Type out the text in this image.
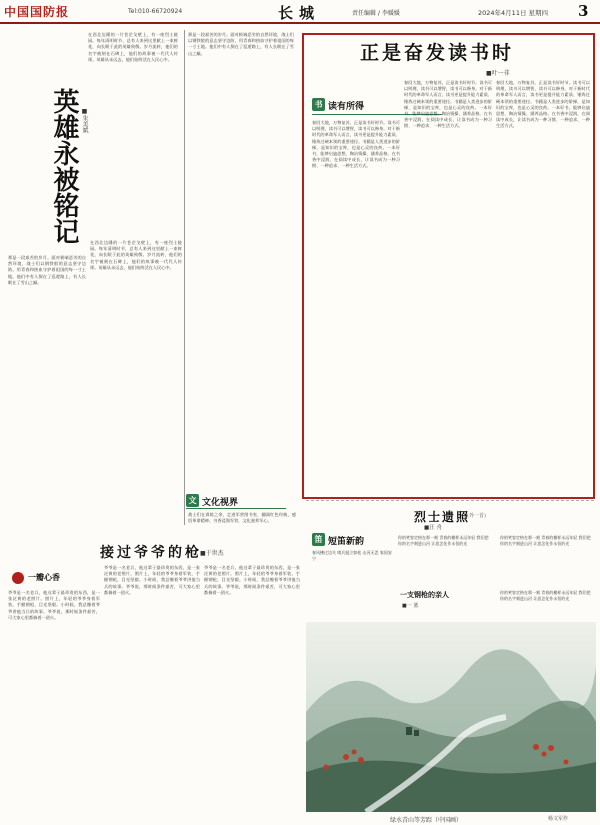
中国国防报	Tel:010-66720924	长城	责任编辑 / 李媛媛	2024年4月11日 星期四 3
在西北边陲的一片苍茫戈壁上，有一座烈士陵园。每年清明时节，总有人来到这里献上一束鲜花，向长眠于此的英雄致敬。岁月流转，他们的名字被刻在石碑上，他们的故事被一代代人传颂。英雄从未远去，他们始终活在人民心中。
英雄永被铭记 ■朱美斌
那是一段艰苦的岁月。面对极端恶劣的自然环境，战士们以钢铁般的意志坚守边防，用青春和热血守护着祖国的每一寸土地。他们中有人倒在了巡逻路上，有人长眠在了雪山之巅。
在西北边陲的一片苍茫戈壁上，有一座烈士陵园。每年清明时节，总有人来到这里献上一束鲜花，向长眠于此的英雄致敬。岁月流转，他们的名字被刻在石碑上，他们的故事被一代代人传颂。英雄从未远去，他们始终活在人民心中。
那是一段艰苦的岁月。面对极端恶劣的自然环境，战士们以钢铁般的意志坚守边防，用青春和热血守护着祖国的每一寸土地。他们中有人倒在了巡逻路上，有人长眠在了雪山之巅。	正是奋发读书时
■叶一非
书 读有所得
春回大地，万物复苏，正是读书好时节。读书可以明理，读书可以增智，读书可以修身。对于新时代的革命军人而言，读书更是提升能力素质、锤炼过硬本领的重要途径。书籍是人类进步的阶梯，是知识的宝库，也是心灵的良药。一本好书，能够启迪思想、陶冶情操、涵养品格。在书香中浸润，在阅读中成长，让读书成为一种习惯、一种追求、一种生活方式。
春回大地，万物复苏，正是读书好时节。读书可以明理，读书可以增智，读书可以修身。对于新时代的革命军人而言，读书更是提升能力素质、锤炼过硬本领的重要途径。书籍是人类进步的阶梯，是知识的宝库，也是心灵的良药。一本好书，能够启迪思想、陶冶情操、涵养品格。在书香中浸润，在阅读中成长，让读书成为一种习惯、一种追求、一种生活方式。
春回大地，万物复苏，正是读书好时节。读书可以明理，读书可以增智，读书可以修身。对于新时代的革命军人而言，读书更是提升能力素质、锤炼过硬本领的重要途径。书籍是人类进步的阶梯，是知识的宝库，也是心灵的良药。一本好书，能够启迪思想、陶冶情操、涵养品格。在书香中浸润，在阅读中成长，让读书成为一种习惯、一种追求、一种生活方式。
文 文化视界
战士们在训练之余，走进军营图书室，翻阅红色经典，感悟革命精神。书香浸润军营，文化滋养军心。
接过爷爷的枪
■于世杰
一瓣心香
爷爷是一名老兵，他这辈子最珍贵的东西，是一张泛黄的老照片。照片上，年轻的爷爷身着军装，手握钢枪，目光坚毅。小时候，我总缠着爷爷讲他当兵的故事。爷爷说，那时候条件艰苦，可大家心里都揣着一团火。
爷爷是一名老兵，他这辈子最珍贵的东西，是一张泛黄的老照片。照片上，年轻的爷爷身着军装，手握钢枪，目光坚毅。小时候，我总缠着爷爷讲他当兵的故事。爷爷说，那时候条件艰苦，可大家心里都揣着一团火。
爷爷是一名老兵，他这辈子最珍贵的东西，是一张泛黄的老照片。照片上，年轻的爷爷身着军装，手握钢枪，目光坚毅。小时候，我总缠着爷爷讲他当兵的故事。爷爷说，那时候条件艰苦，可大家心里都揣着一团火。
笛 短笛新韵
春风拂过边关 哨兵挺立如松 山河无恙 家国安宁
烈士遗照
(外一首)
■汪 舟
你的笑容定格在那一刻 青春的模样永远年轻 我们把你的名字刻进山河 让思念化作永恒的光
你的笑容定格在那一刻 青春的模样永远年轻 我们把你的名字刻进山河 让思念化作永恒的光
一支钢枪的亲人
■一 蓝
你的笑容定格在那一刻 青春的模样永远年轻 我们把你的名字刻进山河 让思念化作永恒的光
绿水青山等芳踪（中国画）	杨文军作
